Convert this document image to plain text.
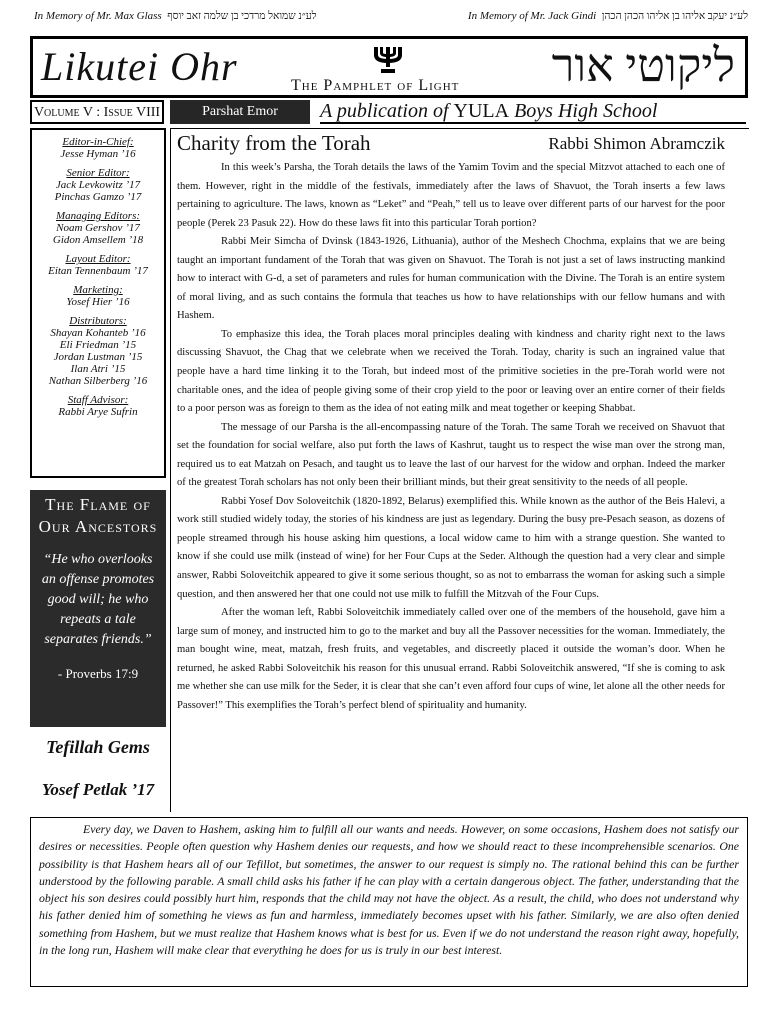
In Memory of Mr. Max Glass לע״נ שמואל מרדכי בן שלמה זאב יוסף	In Memory of Mr. Jack Gindi לע״נ יעקב אליהו בן אליהו הכהן הכהן
Likutei Ohr	The Pamphlet of Light ליקוטי אור
Volume V : Issue VIII	Parshat Emor	A publication of YULA Boys High School
Editor-in-Chief:
Jesse Hyman ’16
Senior Editor:
Jack Levkowitz ’17
Pinchas Gamzo ’17
Managing Editors:
Noam Gershov ’17
Gidon Amsellem ’18
Layout Editor:
Eitan Tennenbaum ’17
Marketing:
Yosef Hier ’16
Distributors:
Shayan Kohanteb ’16
Eli Friedman ’15
Jordan Lustman ’15
Ilan Atri ’15
Nathan Silberberg ’16
Staff Advisor:
Rabbi Arye Sufrin
The Flame of Our Ancestors
“He who overlooks an offense promotes good will; he who repeats a tale separates friends.”
- Proverbs 17:9
Tefillah Gems
Yosef Petlak ’17
Charity from the Torah	Rabbi Shimon Abramczik

In this week’s Parsha, the Torah details the laws of the Yamim Tovim and the special Mitzvot attached to each one of them. However, right in the middle of the festivals, immediately after the laws of Shavuot, the Torah inserts a few laws pertaining to agriculture. The laws, known as “Leket” and “Peah,” tell us to leave over different parts of our harvest for the poor people (Perek 23 Pasuk 22). How do these laws fit into this particular Torah portion?

Rabbi Meir Simcha of Dvinsk (1843-1926, Lithuania), author of the Meshech Chochma, explains that we are being taught an important fundament of the Torah that was given on Shavuot. The Torah is not just a set of laws instructing mankind how to interact with G-d, a set of parameters and rules for human communication with the Divine. The Torah is an entire system of moral living, and as such contains the formula that teaches us how to have relationships with our fellow humans and with Hashem.

To emphasize this idea, the Torah places moral principles dealing with kindness and charity right next to the laws discussing Shavuot, the Chag that we celebrate when we received the Torah. Today, charity is such an ingrained value that people have a hard time linking it to the Torah, but indeed most of the primitive societies in the pre-Torah world were not charitable ones, and the idea of people giving some of their crop yield to the poor or leaving over an entire corner of their fields to a poor person was as foreign to them as the idea of not eating milk and meat together or keeping Shabbat.

The message of our Parsha is the all-encompassing nature of the Torah. The same Torah we received on Shavuot that set the foundation for social welfare, also put forth the laws of Kashrut, taught us to respect the wise man over the strong man, required us to eat Matzah on Pesach, and taught us to leave the last of our harvest for the widow and orphan. Indeed the marker of the greatest Torah scholars has not only been their brilliant minds, but their great sensitivity to the needs of all people.

Rabbi Yosef Dov Soloveitchik (1820-1892, Belarus) exemplified this. While known as the author of the Beis Halevi, a work still studied widely today, the stories of his kindness are just as legendary. During the busy pre-Pesach season, as dozens of people streamed through his house asking him questions, a local widow came to him with a strange question. She wanted to know if she could use milk (instead of wine) for her Four Cups at the Seder. Although the question had a very clear and simple answer, Rabbi Soloveitchik appeared to give it some serious thought, so as not to embarrass the woman for asking such a simple question, and then answered her that one could not use milk to fulfill the Mitzvah of the Four Cups.

After the woman left, Rabbi Soloveitchik immediately called over one of the members of the household, gave him a large sum of money, and instructed him to go to the market and buy all the Passover necessities for the woman. Immediately, the man bought wine, meat, matzah, fresh fruits, and vegetables, and discreetly placed it outside the woman’s door. When he returned, he asked Rabbi Soloveitchik his reason for this unusual errand. Rabbi Soloveitchik answered, “If she is coming to ask me whether she can use milk for the Seder, it is clear that she can’t even afford four cups of wine, let alone all the other needs for Passover!” This exemplifies the Torah’s perfect blend of spirituality and humanity.

Every day, we Daven to Hashem, asking him to fulfill all our wants and needs. However, on some occasions, Hashem does not satisfy our desires or necessities. People often question why Hashem denies our requests, and how we should react to these incomprehensible scenarios. One possibility is that Hashem hears all of our Tefillot, but sometimes, the answer to our request is simply no. The rational behind this can be further understood by the following parable. A small child asks his father if he can play with a certain dangerous object. The father, understanding that the object his son desires could possibly hurt him, responds that the child may not have the object. As a result, the child, who does not understand why his father denied him of something he views as fun and harmless, immediately becomes upset with his father. Similarly, we are also often denied something from Hashem, but we must realize that Hashem knows what is best for us. Even if we do not understand the reason right away, hopefully, in the long run, Hashem will make clear that everything he does for us is truly in our best interest.
